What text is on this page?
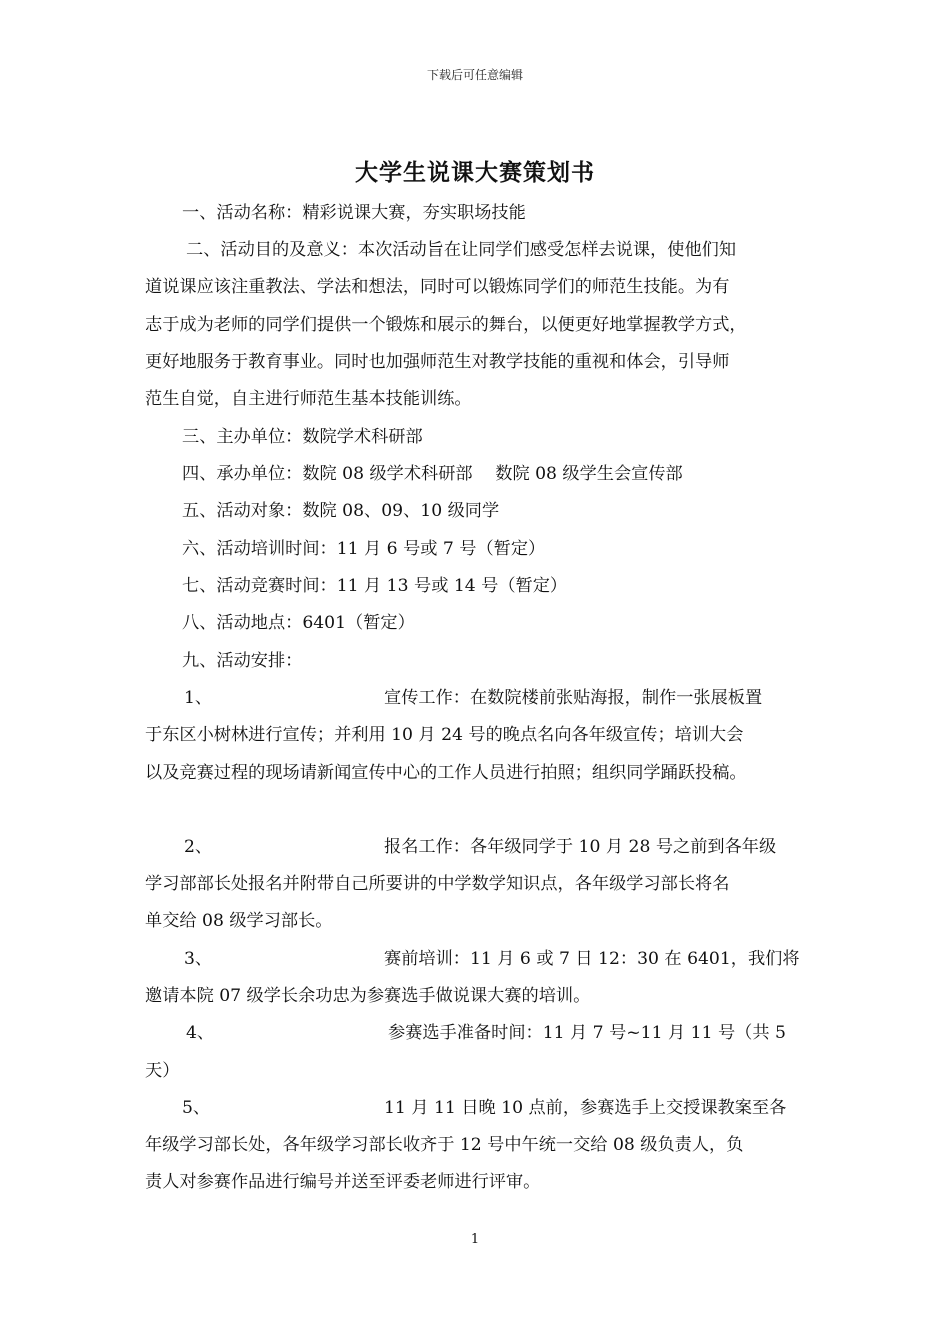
下载后可任意编辑
大学生说课大赛策划书
一、活动名称：精彩说课大赛，夯实职场技能
二、活动目的及意义：本次活动旨在让同学们感受怎样去说课，使他们知
道说课应该注重教法、学法和想法，同时可以锻炼同学们的师范生技能。为有
志于成为老师的同学们提供一个锻炼和展示的舞台，以便更好地掌握教学方式，
更好地服务于教育事业。同时也加强师范生对教学技能的重视和体会，引导师
范生自觉，自主进行师范生基本技能训练。
三、主办单位：数院学术科研部
四、承办单位：数院 08 级学术科研部　 数院 08 级学生会宣传部
五、活动对象：数院 08、09、10 级同学
六、活动培训时间：11 月 6 号或 7 号（暂定）
七、活动竞赛时间：11 月 13 号或 14 号（暂定）
八、活动地点：6401（暂定）
九、活动安排：
1、	宣传工作：在数院楼前张贴海报，制作一张展板置
于东区小树林进行宣传；并利用 10 月 24 号的晚点名向各年级宣传；培训大会
以及竞赛过程的现场请新闻宣传中心的工作人员进行拍照；组织同学踊跃投稿。
2、	报名工作：各年级同学于 10 月 28 号之前到各年级
学习部部长处报名并附带自己所要讲的中学数学知识点，各年级学习部长将名
单交给 08 级学习部长。
3、	赛前培训：11 月 6 或 7 日 12：30 在 6401，我们将
邀请本院 07 级学长余功忠为参赛选手做说课大赛的培训。
4、	参赛选手准备时间：11 月 7 号~11 月 11 号（共 5
天）
5、	11 月 11 日晚 10 点前，参赛选手上交授课教案至各
年级学习部长处，各年级学习部长收齐于 12 号中午统一交给 08 级负责人，负
责人对参赛作品进行编号并送至评委老师进行评审。
1
